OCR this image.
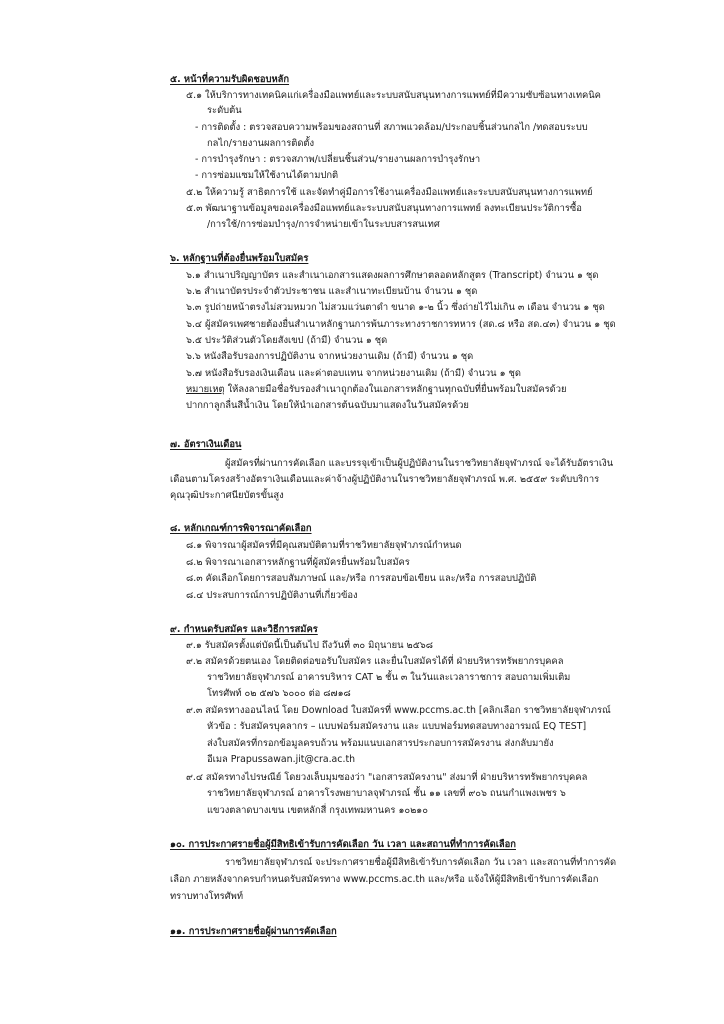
๕. หน้าที่ความรับผิดชอบหลัก
๕.๑ ให้บริการทางเทคนิคแก่เครื่องมือแพทย์และระบบสนับสนุนทางการแพทย์ที่มีความซับซ้อนทางเทคนิค
ระดับต้น
- การติดตั้ง : ตรวจสอบความพร้อมของสถานที่ สภาพแวดล้อม/ประกอบชิ้นส่วนกลไก /ทดสอบระบบ
กลไก/รายงานผลการติดตั้ง
- การบำรุงรักษา : ตรวจสภาพ/เปลี่ยนชิ้นส่วน/รายงานผลการบำรุงรักษา
- การซ่อมแซมให้ใช้งานได้ตามปกติ
๕.๒ ให้ความรู้ สาธิตการใช้ และจัดทำคู่มือการใช้งานเครื่องมือแพทย์และระบบสนับสนุนทางการแพทย์
๕.๓ พัฒนาฐานข้อมูลของเครื่องมือแพทย์และระบบสนับสนุนทางการแพทย์ ลงทะเบียนประวัติการซื้อ
/การใช้/การซ่อมบำรุง/การจำหน่ายเข้าในระบบสารสนเทศ
๖. หลักฐานที่ต้องยื่นพร้อมใบสมัคร
๖.๑ สำเนาปริญญาบัตร และสำเนาเอกสารแสดงผลการศึกษาตลอดหลักสูตร (Transcript) จำนวน ๑ ชุด
๖.๒ สำเนาบัตรประจำตัวประชาชน และสำเนาทะเบียนบ้าน จำนวน ๑ ชุด
๖.๓ รูปถ่ายหน้าตรงไม่สวมหมวก ไม่สวมแว่นตาดำ ขนาด ๑-๒ นิ้ว ซึ่งถ่ายไว้ไม่เกิน ๓ เดือน จำนวน ๑ ชุด
๖.๔ ผู้สมัครเพศชายต้องยื่นสำเนาหลักฐานการพ้นภาระทางราชการทหาร (สด.๘ หรือ สด.๔๓) จำนวน ๑ ชุด
๖.๕ ประวัติส่วนตัวโดยสังเขป (ถ้ามี) จำนวน ๑ ชุด
๖.๖ หนังสือรับรองการปฏิบัติงาน จากหน่วยงานเดิม (ถ้ามี) จำนวน ๑ ชุด
๖.๗ หนังสือรับรองเงินเดือน และค่าตอบแทน จากหน่วยงานเดิม (ถ้ามี) จำนวน ๑ ชุด
หมายเหตุ ให้ลงลายมือชื่อรับรองสำเนาถูกต้องในเอกสารหลักฐานทุกฉบับที่ยื่นพร้อมใบสมัครด้วย
ปากกาลูกลื่นสีน้ำเงิน โดยให้นำเอกสารต้นฉบับมาแสดงในวันสมัครด้วย
๗. อัตราเงินเดือน
ผู้สมัครที่ผ่านการคัดเลือก และบรรจุเข้าเป็นผู้ปฏิบัติงานในราชวิทยาลัยจุฬาภรณ์ จะได้รับอัตราเงิน
เดือนตามโครงสร้างอัตราเงินเดือนและค่าจ้างผู้ปฏิบัติงานในราชวิทยาลัยจุฬาภรณ์ พ.ศ. ๒๕๕๙ ระดับบริการ
คุณวุฒิประกาศนียบัตรขั้นสูง
๘. หลักเกณฑ์การพิจารณาคัดเลือก
๘.๑ พิจารณาผู้สมัครที่มีคุณสมบัติตามที่ราชวิทยาลัยจุฬาภรณ์กำหนด
๘.๒ พิจารณาเอกสารหลักฐานที่ผู้สมัครยื่นพร้อมใบสมัคร
๘.๓ คัดเลือกโดยการสอบสัมภาษณ์ และ/หรือ การสอบข้อเขียน และ/หรือ การสอบปฏิบัติ
๘.๔ ประสบการณ์การปฏิบัติงานที่เกี่ยวข้อง
๙. กำหนดรับสมัคร และวิธีการสมัคร
๙.๑ รับสมัครตั้งแต่บัดนี้เป็นต้นไป ถึงวันที่ ๓๐ มิถุนายน ๒๕๖๘
๙.๒ สมัครด้วยตนเอง โดยติดต่อขอรับใบสมัคร และยื่นใบสมัครได้ที่ ฝ่ายบริหารทรัพยากรบุคคล
ราชวิทยาลัยจุฬาภรณ์ อาคารบริหาร CAT ๒ ชั้น ๓ ในวันและเวลาราชการ สอบถามเพิ่มเติม
โทรศัพท์ ๐๒ ๕๗๖ ๖๐๐๐ ต่อ ๘๗๑๘
๙.๓ สมัครทางออนไลน์ โดย Download ใบสมัครที่ www.pccms.ac.th [คลิกเลือก ราชวิทยาลัยจุฬาภรณ์
หัวข้อ : รับสมัครบุคลากร – แบบฟอร์มสมัครงาน และ แบบฟอร์มทดสอบทางอารมณ์ EQ TEST]
ส่งใบสมัครที่กรอกข้อมูลครบถ้วน พร้อมแนบเอกสารประกอบการสมัครงาน ส่งกลับมายัง
อีเมล Prapussawan.jit@cra.ac.th
๙.๔ สมัครทางไปรษณีย์ โดยวงเล็บมุมซองว่า "เอกสารสมัครงาน" ส่งมาที่ ฝ่ายบริหารทรัพยากรบุคคล
ราชวิทยาลัยจุฬาภรณ์ อาคารโรงพยาบาลจุฬาภรณ์ ชั้น ๑๑ เลขที่ ๙๐๖ ถนนกำแพงเพชร ๖
แขวงตลาดบางเขน เขตหลักสี่ กรุงเทพมหานคร ๑๐๒๑๐
๑๐. การประกาศรายชื่อผู้มีสิทธิเข้ารับการคัดเลือก วัน เวลา และสถานที่ทำการคัดเลือก
ราชวิทยาลัยจุฬาภรณ์ จะประกาศรายชื่อผู้มีสิทธิเข้ารับการคัดเลือก วัน เวลา และสถานที่ทำการคัด
เลือก ภายหลังจากครบกำหนดรับสมัครทาง www.pccms.ac.th และ/หรือ แจ้งให้ผู้มีสิทธิเข้ารับการคัดเลือก
ทราบทางโทรศัพท์
๑๑. การประกาศรายชื่อผู้ผ่านการคัดเลือก
